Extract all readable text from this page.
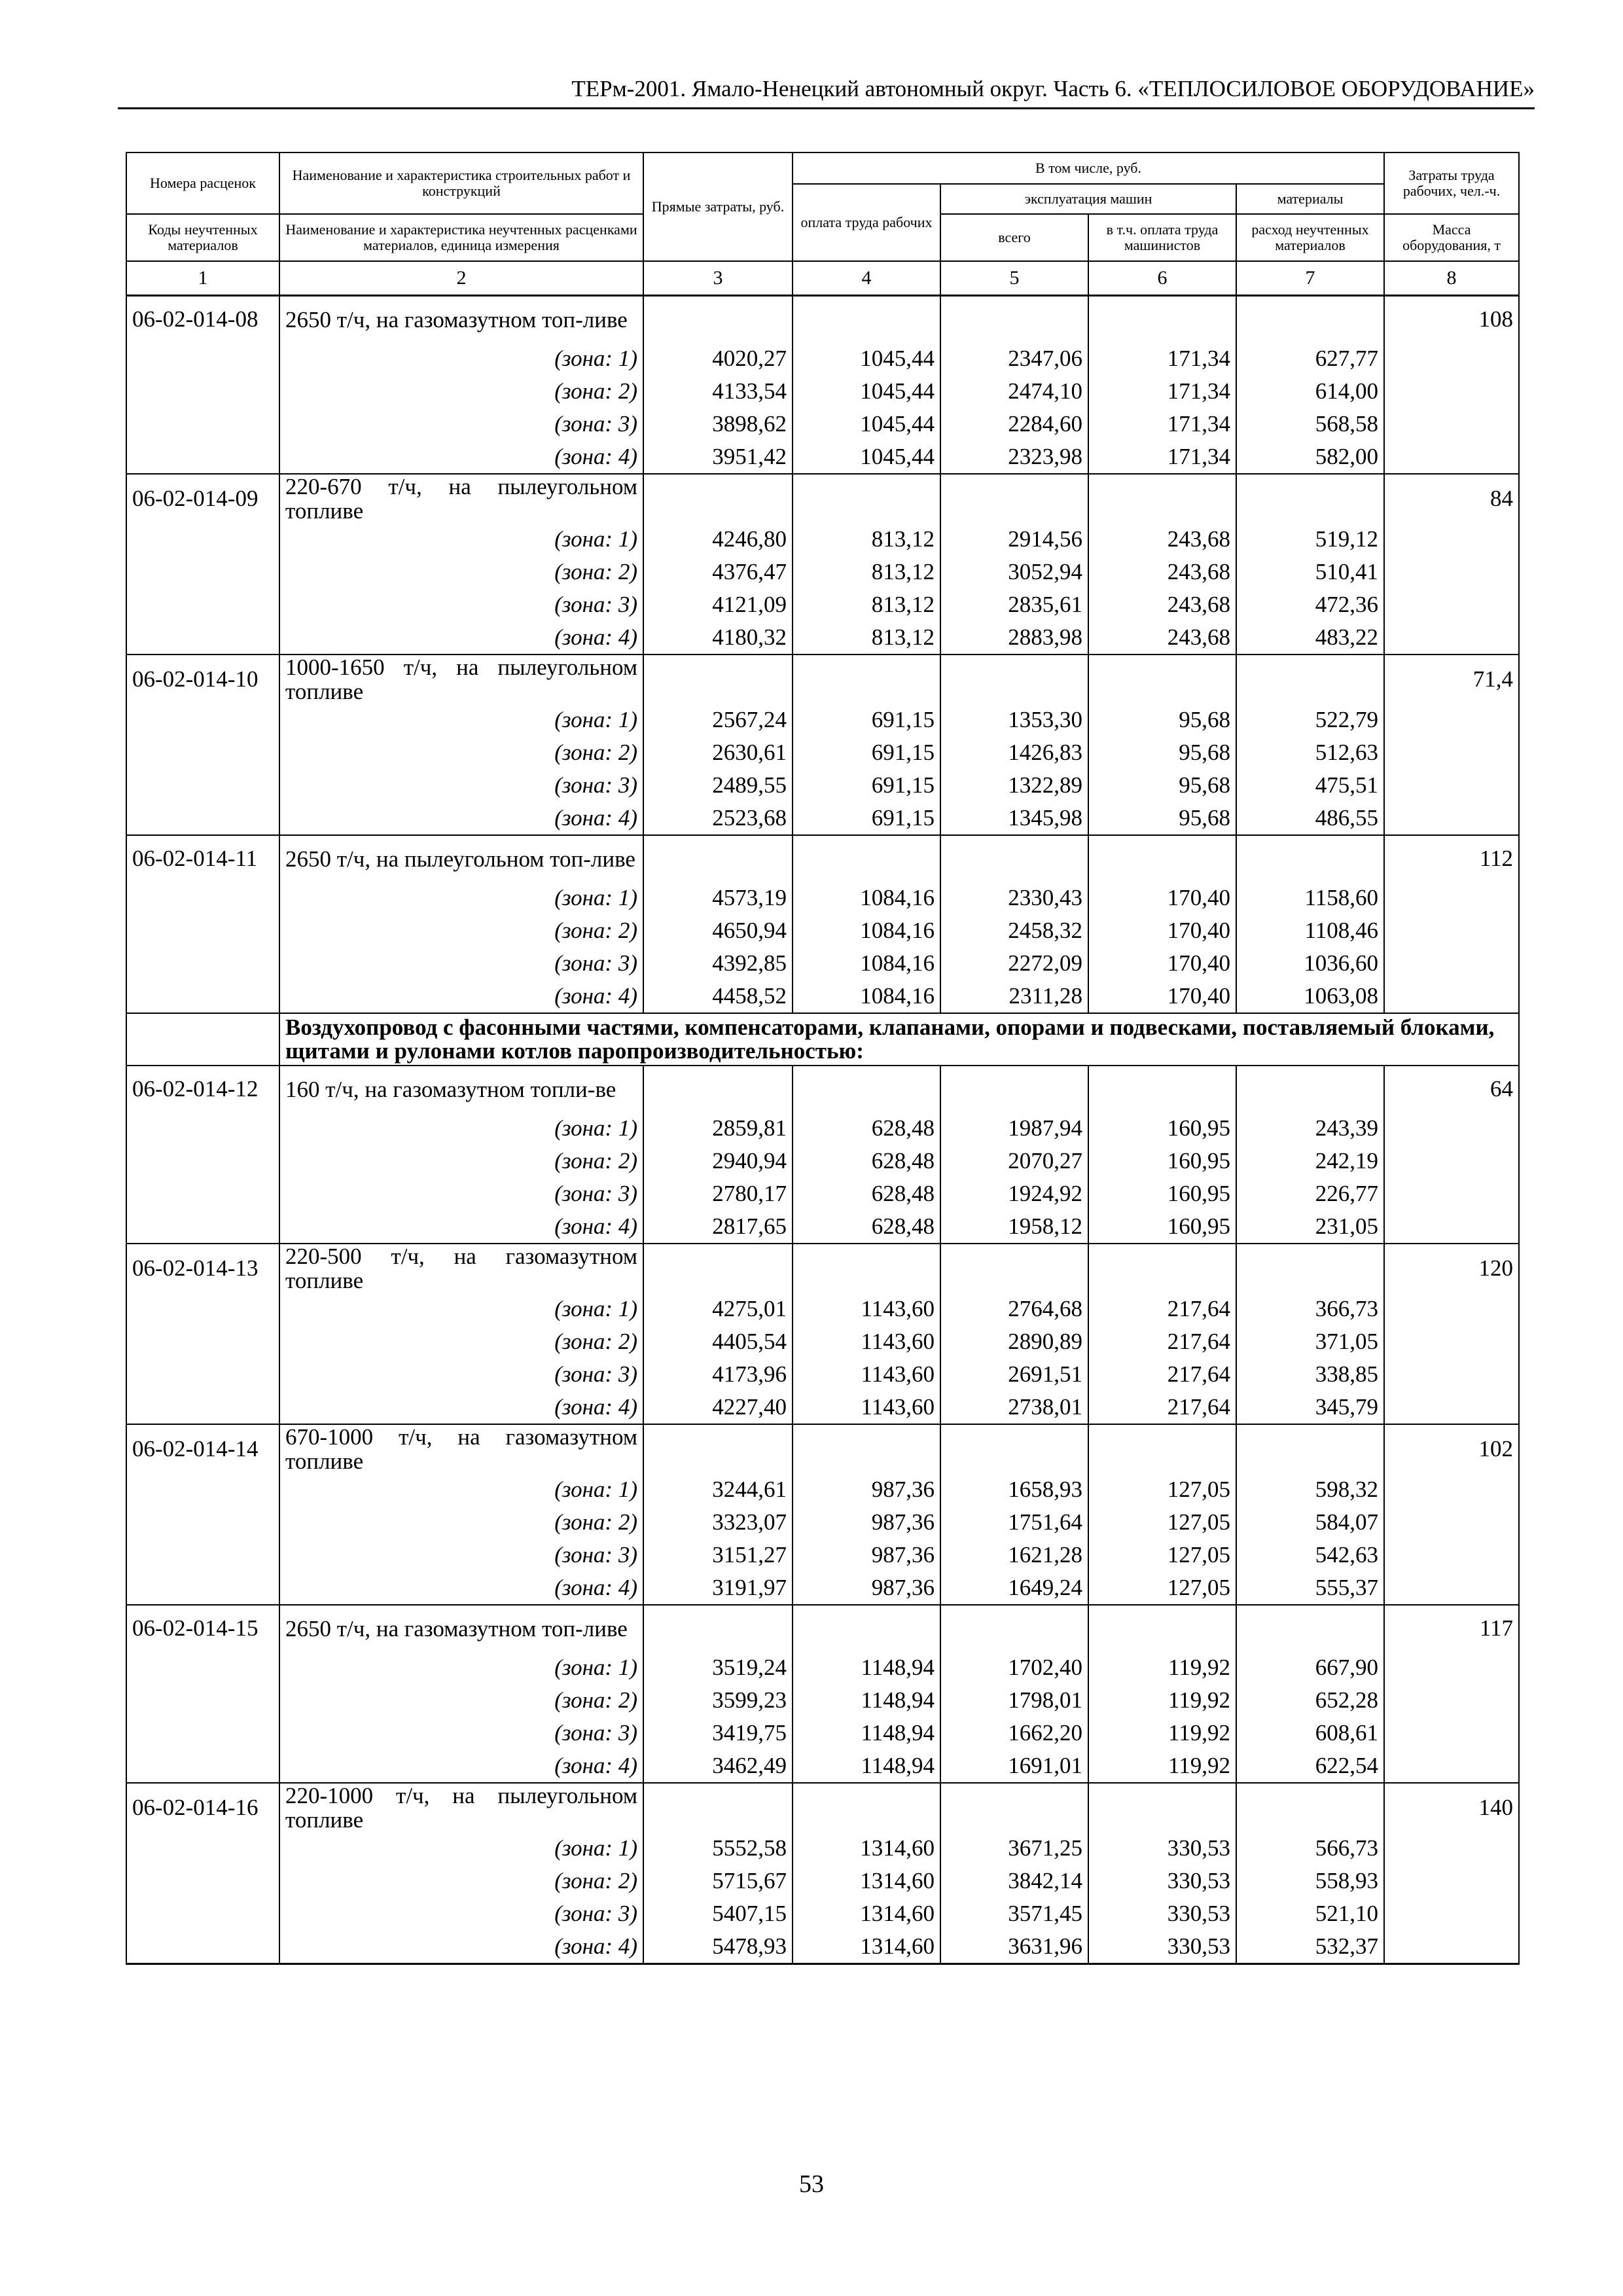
ТЕРм-2001. Ямало-Ненецкий автономный округ. Часть 6. «ТЕПЛОСИЛОВОЕ ОБОРУДОВАНИЕ»
Номера расценок	Наименование и характеристика строительных работ и конструкций	Прямые затраты, руб.	В том числе, руб.				Затраты труда рабочих, чел.-ч.
			оплата труда рабочих	эксплуатация машин		материалы	
Коды неучтенных материалов	Наименование и характеристика неучтенных расценками материалов, единица измерения			всего	в т.ч. оплата труда машинистов	расход неучтенных материалов	Масса оборудования, т
1	2	3	4	5	6	7	8
06-02-014-08	2650 т/ч, на газомазутном топ-ливе						108
	(зона: 1)	4020,27	1045,44	2347,06	171,34	627,77	
	(зона: 2)	4133,54	1045,44	2474,10	171,34	614,00	
	(зона: 3)	3898,62	1045,44	2284,60	171,34	568,58	
	(зона: 4)	3951,42	1045,44	2323,98	171,34	582,00	
06-02-014-09	220-670 т/ч, на пылеугольном топливе						84
	(зона: 1)	4246,80	813,12	2914,56	243,68	519,12	
	(зона: 2)	4376,47	813,12	3052,94	243,68	510,41	
	(зона: 3)	4121,09	813,12	2835,61	243,68	472,36	
	(зона: 4)	4180,32	813,12	2883,98	243,68	483,22	
06-02-014-10	1000-1650 т/ч, на пылеугольном топливе						71,4
	(зона: 1)	2567,24	691,15	1353,30	95,68	522,79	
	(зона: 2)	2630,61	691,15	1426,83	95,68	512,63	
	(зона: 3)	2489,55	691,15	1322,89	95,68	475,51	
	(зона: 4)	2523,68	691,15	1345,98	95,68	486,55	
06-02-014-11	2650 т/ч, на пылеугольном топ-ливе						112
	(зона: 1)	4573,19	1084,16	2330,43	170,40	1158,60	
	(зона: 2)	4650,94	1084,16	2458,32	170,40	1108,46	
	(зона: 3)	4392,85	1084,16	2272,09	170,40	1036,60	
	(зона: 4)	4458,52	1084,16	2311,28	170,40	1063,08	
	Воздухопровод с фасонными частями, компенсаторами, клапанами, опорами и подвесками, поставляемый блоками, щитами и рулонами котлов паропроизводительностью:						
06-02-014-12	160 т/ч, на газомазутном топли-ве						64
	(зона: 1)	2859,81	628,48	1987,94	160,95	243,39	
	(зона: 2)	2940,94	628,48	2070,27	160,95	242,19	
	(зона: 3)	2780,17	628,48	1924,92	160,95	226,77	
	(зона: 4)	2817,65	628,48	1958,12	160,95	231,05	
06-02-014-13	220-500 т/ч, на газомазутном топливе						120
	(зона: 1)	4275,01	1143,60	2764,68	217,64	366,73	
	(зона: 2)	4405,54	1143,60	2890,89	217,64	371,05	
	(зона: 3)	4173,96	1143,60	2691,51	217,64	338,85	
	(зона: 4)	4227,40	1143,60	2738,01	217,64	345,79	
06-02-014-14	670-1000 т/ч, на газомазутном топливе						102
	(зона: 1)	3244,61	987,36	1658,93	127,05	598,32	
	(зона: 2)	3323,07	987,36	1751,64	127,05	584,07	
	(зона: 3)	3151,27	987,36	1621,28	127,05	542,63	
	(зона: 4)	3191,97	987,36	1649,24	127,05	555,37	
06-02-014-15	2650 т/ч, на газомазутном топ-ливе						117
	(зона: 1)	3519,24	1148,94	1702,40	119,92	667,90	
	(зона: 2)	3599,23	1148,94	1798,01	119,92	652,28	
	(зона: 3)	3419,75	1148,94	1662,20	119,92	608,61	
	(зона: 4)	3462,49	1148,94	1691,01	119,92	622,54	
06-02-014-16	220-1000 т/ч, на пылеугольном топливе						140
	(зона: 1)	5552,58	1314,60	3671,25	330,53	566,73	
	(зона: 2)	5715,67	1314,60	3842,14	330,53	558,93	
	(зона: 3)	5407,15	1314,60	3571,45	330,53	521,10	
	(зона: 4)	5478,93	1314,60	3631,96	330,53	532,37	
53
